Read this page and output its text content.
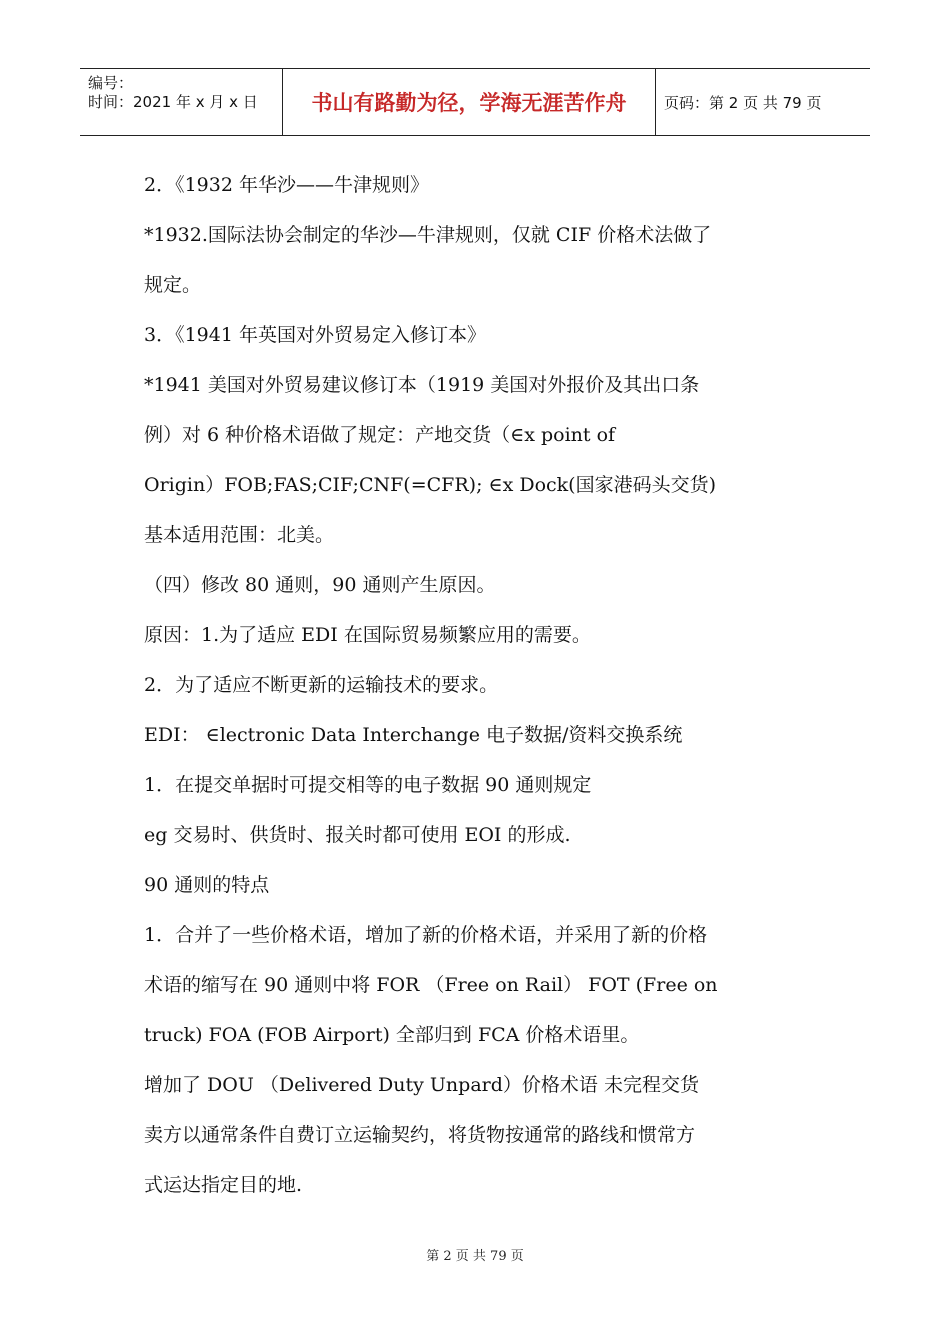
编号：
时间：2021 年 x 月 x 日	书山有路勤为径，学海无涯苦作舟	页码：第 2 页 共 79 页
2．《1932 年华沙——牛津规则》
*1932.国际法协会制定的华沙—牛津规则，仅就 CIF 价格术法做了
规定。
3．《1941 年英国对外贸易定入修订本》
*1941 美国对外贸易建议修订本（1919 美国对外报价及其出口条
例）对 6 种价格术语做了规定：产地交货（∈x point of
Origin）FOB;FAS;CIF;CNF(=CFR); ∈x Dock(国家港码头交货)
基本适用范围：北美。
（四）修改 80 通则，90 通则产生原因。
原因：1.为了适应 EDI 在国际贸易频繁应用的需要。
2．为了适应不断更新的运输技术的要求。
EDI： ∈lectronic Data Interchange 电子数据/资料交换系统
1．在提交单据时可提交相等的电子数据 90 通则规定
eg 交易时、供货时、报关时都可使用 EOI 的形成.
90 通则的特点
1．合并了一些价格术语，增加了新的价格术语，并采用了新的价格
术语的缩写在 90 通则中将 FOR （Free on Rail） FOT (Free on
truck) FOA (FOB Airport) 全部归到 FCA 价格术语里。
增加了 DOU （Delivered Duty Unpard）价格术语 未完程交货
卖方以通常条件自费订立运输契约，将货物按通常的路线和惯常方
式运达指定目的地.
第 2 页 共 79 页
